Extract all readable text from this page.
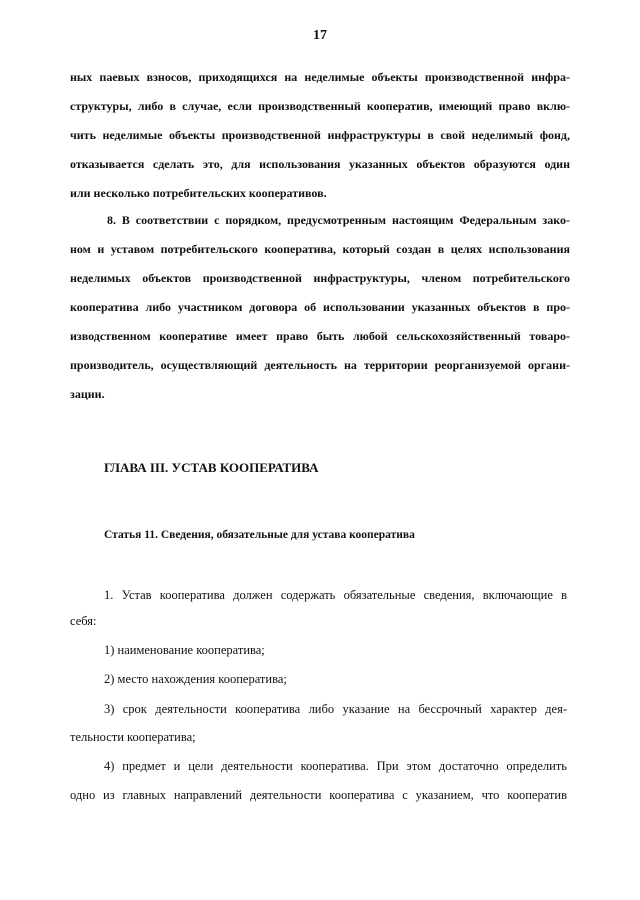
17
ных паевых взносов, приходящихся на неделимые объекты производственной инфра-
структуры, либо в случае, если производственный кооператив, имеющий право вклю-
чить неделимые объекты производственной инфраструктуры в свой неделимый фонд,
отказывается сделать это, для использования указанных объектов образуются один
или несколько потребительских кооперативов.
8. В соответствии с порядком, предусмотренным настоящим Федеральным зако-
ном и уставом потребительского кооператива, который создан в целях использования
неделимых объектов производственной инфраструктуры, членом потребительского
кооператива либо участником договора об использовании указанных объектов в про-
изводственном кооперативе имеет право быть любой сельскохозяйственный товаро-
производитель, осуществляющий деятельность на территории реорганизуемой органи-
зации.
ГЛАВА III. УСТАВ КООПЕРАТИВА
Статья 11. Сведения, обязательные для устава кооператива
1. Устав кооператива должен содержать обязательные сведения, включающие в
себя:
1) наименование кооператива;
2) место нахождения кооператива;
3) срок деятельности кооператива либо указание на бессрочный характер дея-
тельности кооператива;
4) предмет и цели деятельности кооператива. При этом достаточно определить
одно из главных направлений деятельности кооператива с указанием, что кооператив
